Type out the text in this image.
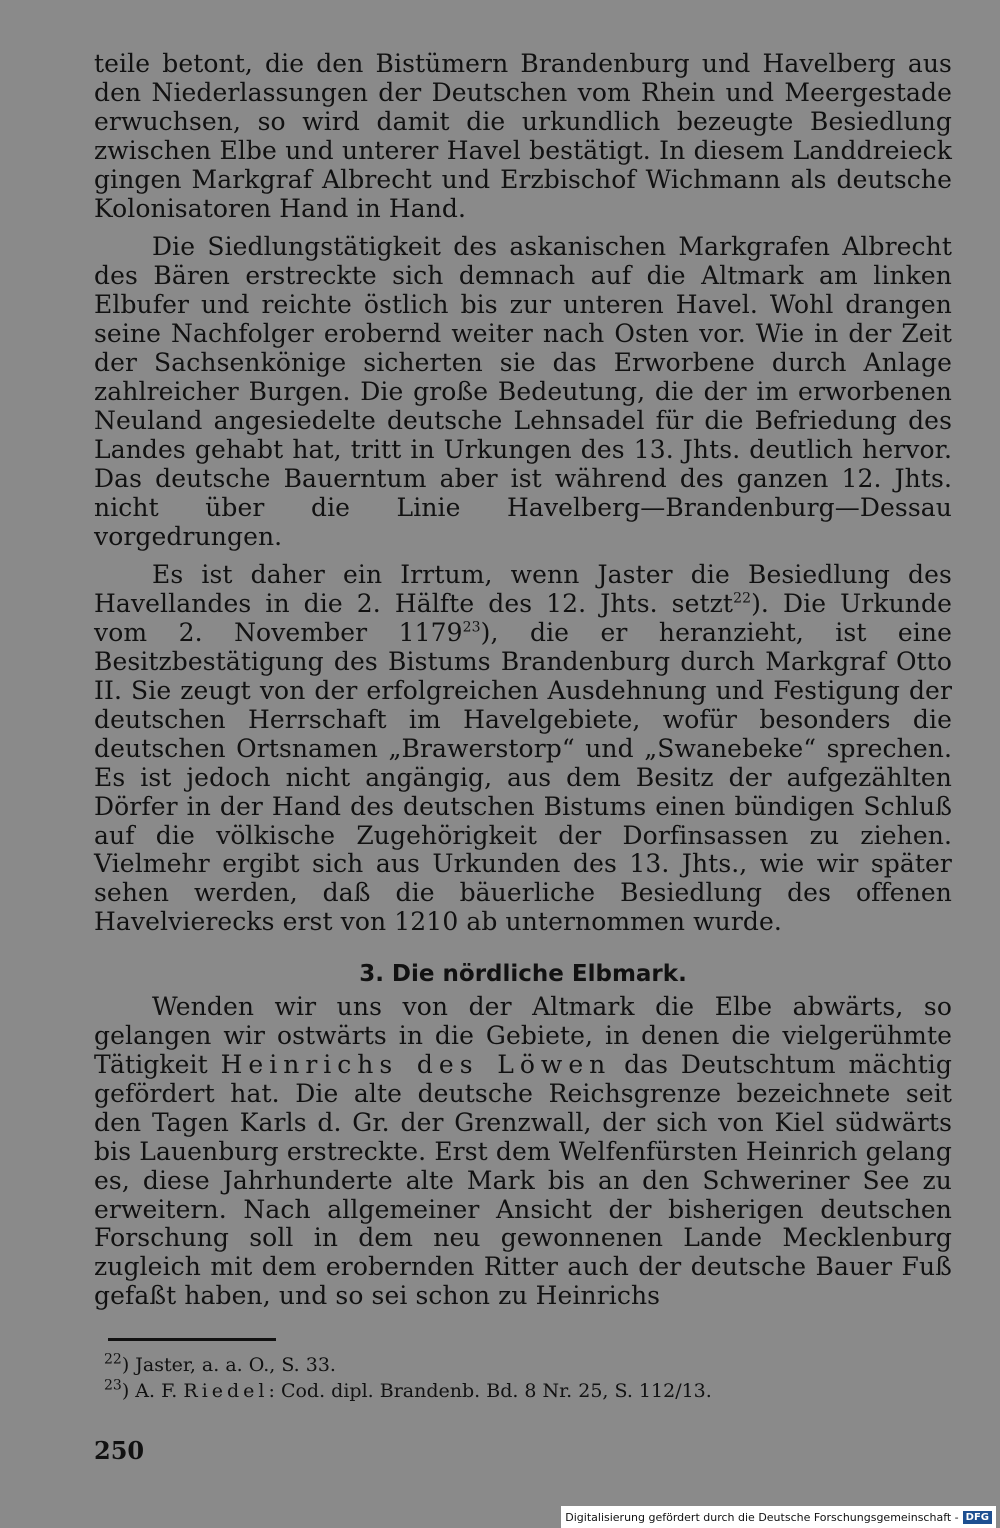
teile betont, die den Bistümern Brandenburg und Havelberg aus den Niederlassungen der Deutschen vom Rhein und Meergestade erwuchsen, so wird damit die urkundlich bezeugte Besiedlung zwischen Elbe und unterer Havel bestätigt. In diesem Landdreieck gingen Markgraf Albrecht und Erzbischof Wichmann als deutsche Kolonisatoren Hand in Hand.

Die Siedlungstätigkeit des askanischen Markgrafen Albrecht des Bären erstreckte sich demnach auf die Altmark am linken Elbufer und reichte östlich bis zur unteren Havel. Wohl drangen seine Nachfolger erobernd weiter nach Osten vor. Wie in der Zeit der Sachsenkönige sicherten sie das Erworbene durch Anlage zahlreicher Burgen. Die große Bedeutung, die der im erworbenen Neuland angesiedelte deutsche Lehnsadel für die Befriedung des Landes gehabt hat, tritt in Urkungen des 13. Jhts. deutlich hervor. Das deutsche Bauerntum aber ist während des ganzen 12. Jhts. nicht über die Linie Havelberg—Brandenburg—Dessau vorgedrungen.

Es ist daher ein Irrtum, wenn Jaster die Besiedlung des Havellandes in die 2. Hälfte des 12. Jhts. setzt$^{22}$). Die Urkunde vom 2. November 1179$^{23}$), die er heranzieht, ist eine Besitzbestätigung des Bistums Brandenburg durch Markgraf Otto II. Sie zeugt von der erfolgreichen Ausdehnung und Festigung der deutschen Herrschaft im Havelgebiete, wofür besonders die deutschen Ortsnamen „Brawerstorp“ und „Swanebeke“ sprechen. Es ist jedoch nicht angängig, aus dem Besitz der aufgezählten Dörfer in der Hand des deutschen Bistums einen bündigen Schluß auf die völkische Zugehörigkeit der Dorfinsassen zu ziehen. Vielmehr ergibt sich aus Urkunden des 13. Jhts., wie wir später sehen werden, daß die bäuerliche Besiedlung des offenen Havelvierecks erst von 1210 ab unternommen wurde.

3. Die nördliche Elbmark.

Wenden wir uns von der Altmark die Elbe abwärts, so gelangen wir ostwärts in die Gebiete, in denen die vielgerühmte Tätigkeit Heinrichs des Löwen das Deutschtum mächtig gefördert hat. Die alte deutsche Reichsgrenze bezeichnete seit den Tagen Karls d. Gr. der Grenzwall, der sich von Kiel südwärts bis Lauenburg erstreckte. Erst dem Welfenfürsten Heinrich gelang es, diese Jahrhunderte alte Mark bis an den Schweriner See zu erweitern. Nach allgemeiner Ansicht der bisherigen deutschen Forschung soll in dem neu gewonnenen Lande Mecklenburg zugleich mit dem erobernden Ritter auch der deutsche Bauer Fuß gefaßt haben, und so sei schon zu Heinrichs

$^{22}$) Jaster, a. a. O., S. 33.

$^{23}$) A. F. Riedel: Cod. dipl. Brandenb. Bd. 8 Nr. 25, S. 112/13.

250
Digitalisierung gefördert durch die Deutsche Forschungsgemeinschaft - DFG
